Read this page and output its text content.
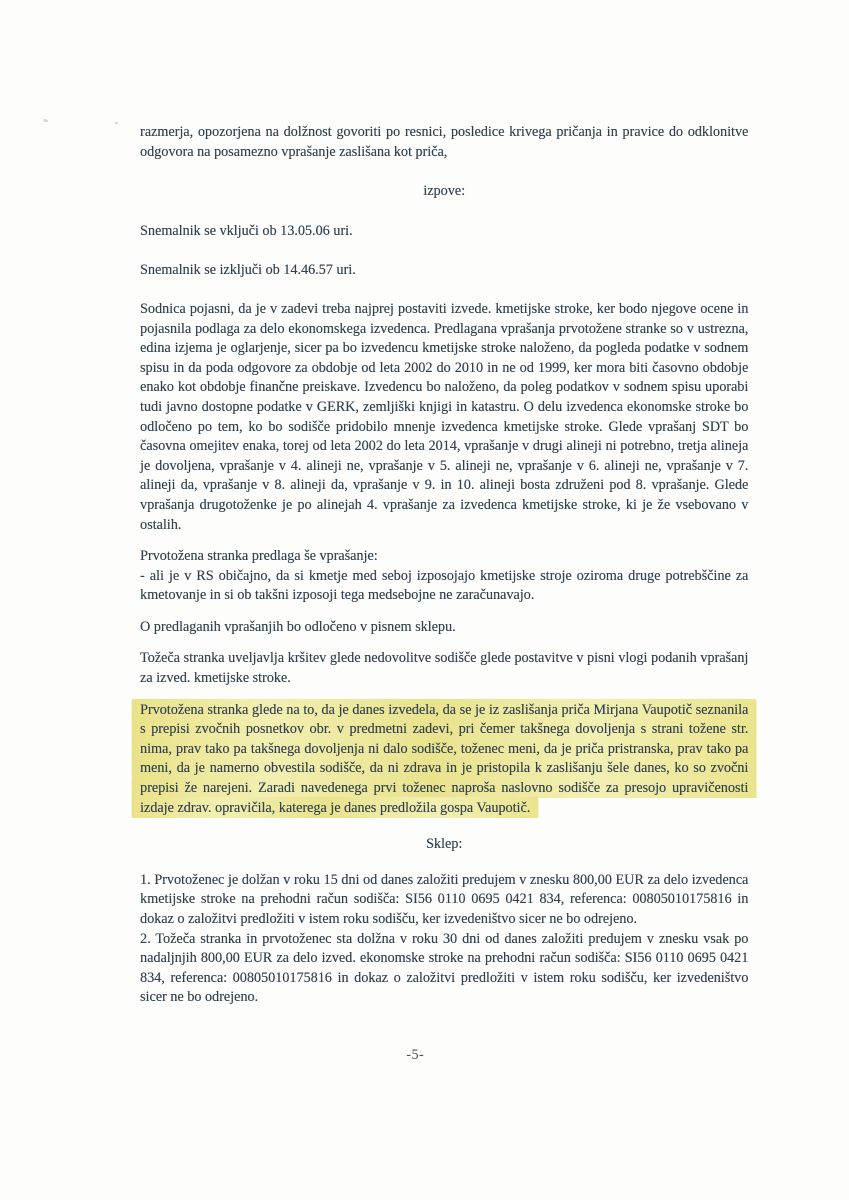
razmerja, opozorjena na dolžnost govoriti po resnici, posledice krivega pričanja in pravice do odklonitve odgovora na posamezno vprašanje zaslišana kot priča,

izpove:

Snemalnik se vključi ob 13.05.06 uri.

Snemalnik se izključi ob 14.46.57 uri.

Sodnica pojasni, da je v zadevi treba najprej postaviti izvede. kmetijske stroke, ker bodo njegove ocene in pojasnila podlaga za delo ekonomskega izvedenca. Predlagana vprašanja prvotožene stranke so v ustrezna, edina izjema je oglarjenje, sicer pa bo izvedencu kmetijske stroke naloženo, da pogleda podatke v sodnem spisu in da poda odgovore za obdobje od leta 2002 do 2010 in ne od 1999, ker mora biti časovno obdobje enako kot obdobje finančne preiskave. Izvedencu bo naloženo, da poleg podatkov v sodnem spisu uporabi tudi javno dostopne podatke v GERK, zemljiški knjigi in katastru. O delu izvedenca ekonomske stroke bo odločeno po tem, ko bo sodišče pridobilo mnenje izvedenca kmetijske stroke. Glede vprašanj SDT bo časovna omejitev enaka, torej od leta 2002 do leta 2014, vprašanje v drugi alineji ni potrebno, tretja alineja je dovoljena, vprašanje v 4. alineji ne, vprašanje v 5. alineji ne, vprašanje v 6. alineji ne, vprašanje v 7. alineji da, vprašanje v 8. alineji da, vprašanje v 9. in 10. alineji bosta združeni pod 8. vprašanje. Glede vprašanja drugotoženke je po alinejah 4. vprašanje za izvedenca kmetijske stroke, ki je že vsebovano v ostalih.

Prvotožena stranka predlaga še vprašanje:

- ali je v RS običajno, da si kmetje med seboj izposojajo kmetijske stroje oziroma druge potrebščine za kmetovanje in si ob takšni izposoji tega medsebojne ne zaračunavajo.

O predlaganih vprašanjih bo odločeno v pisnem sklepu.

Tožeča stranka uveljavlja kršitev glede nedovolitve sodišče glede postavitve v pisni vlogi podanih vprašanj za izved. kmetijske stroke.

Prvotožena stranka glede na to, da je danes izvedela, da se je iz zaslišanja priča Mirjana Vaupotič seznanila s prepisi zvočnih posnetkov obr. v predmetni zadevi, pri čemer takšnega dovoljenja s strani tožene str. nima, prav tako pa takšnega dovoljenja ni dalo sodišče, toženec meni, da je priča pristranska, prav tako pa meni, da je namerno obvestila sodišče, da ni zdrava in je pristopila k zaslišanju šele danes, ko so zvočni prepisi že narejeni. Zaradi navedenega prvi toženec naproša naslovno sodišče za presojo upravičenosti izdaje zdrav. opravičila, katerega je danes predložila gospa Vaupotič.

Sklep:

1. Prvotoženec je dolžan v roku 15 dni od danes založiti predujem v znesku 800,00 EUR za delo izvedenca kmetijske stroke na prehodni račun sodišča: SI56 0110 0695 0421 834, referenca: 00805010175816 in dokaz o založitvi predložiti v istem roku sodišču, ker izvedeništvo sicer ne bo odrejeno.

2. Tožeča stranka in prvotoženec sta dolžna v roku 30 dni od danes založiti predujem v znesku vsak po nadaljnjih 800,00 EUR za delo izved. ekonomske stroke na prehodni račun sodišča: SI56 0110 0695 0421 834, referenca: 00805010175816 in dokaz o založitvi predložiti v istem roku sodišču, ker izvedeništvo sicer ne bo odrejeno.

-5-
